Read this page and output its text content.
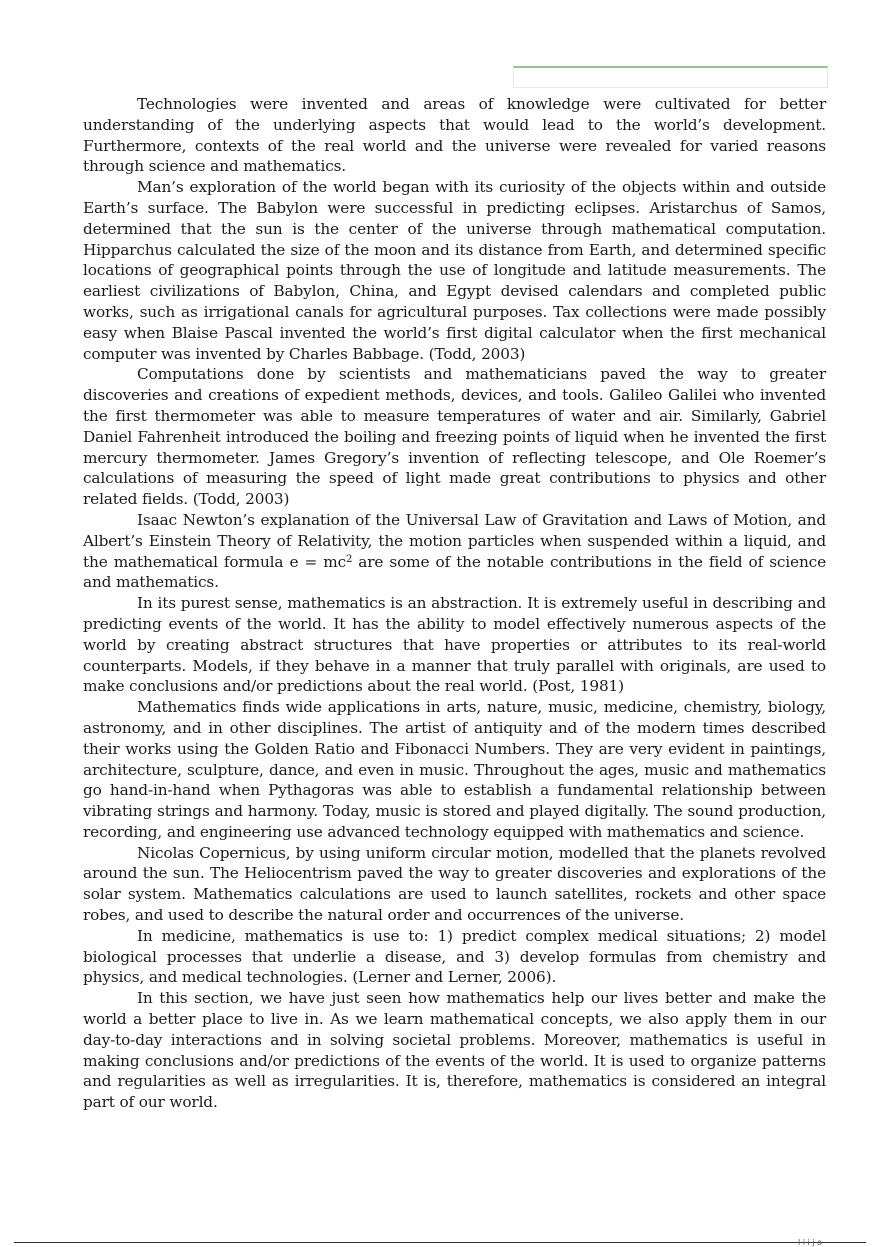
Technologies were invented and areas of knowledge were cultivated for better understanding of the underlying aspects that would lead to the world’s development. Furthermore, contexts of the real world and the universe were revealed for varied reasons through science and mathematics.

Man’s exploration of the world began with its curiosity of the objects within and outside Earth’s surface. The Babylon were successful in predicting eclipses. Aristarchus of Samos, determined that the sun is the center of the universe through mathematical computation. Hipparchus calculated the size of the moon and its distance from Earth, and determined specific locations of geographical points through the use of longitude and latitude measurements. The earliest civilizations of Babylon, China, and Egypt devised calendars and completed public works, such as irrigational canals for agricultural purposes. Tax collections were made possibly easy when Blaise Pascal invented the world’s first digital calculator when the first mechanical computer was invented by Charles Babbage. (Todd, 2003)

Computations done by scientists and mathematicians paved the way to greater discoveries and creations of expedient methods, devices, and tools. Galileo Galilei who invented the first thermometer was able to measure temperatures of water and air. Similarly, Gabriel Daniel Fahrenheit introduced the boiling and freezing points of liquid when he invented the first mercury thermometer. James Gregory’s invention of reflecting telescope, and Ole Roemer’s calculations of measuring the speed of light made great contributions to physics and other related fields. (Todd, 2003)

Isaac Newton’s explanation of the Universal Law of Gravitation and Laws of Motion, and Albert’s Einstein Theory of Relativity, the motion particles when suspended within a liquid, and the mathematical formula $e = mc^2$ are some of the notable contributions in the field of science and mathematics.

In its purest sense, mathematics is an abstraction. It is extremely useful in describing and predicting events of the world. It has the ability to model effectively numerous aspects of the world by creating abstract structures that have properties or attributes to its real-world counterparts. Models, if they behave in a manner that truly parallel with originals, are used to make conclusions and/or predictions about the real world. (Post, 1981)

Mathematics finds wide applications in arts, nature, music, medicine, chemistry, biology, astronomy, and in other disciplines. The artist of antiquity and of the modern times described their works using the Golden Ratio and Fibonacci Numbers. They are very evident in paintings, architecture, sculpture, dance, and even in music. Throughout the ages, music and mathematics go hand-in-hand when Pythagoras was able to establish a fundamental relationship between vibrating strings and harmony. Today, music is stored and played digitally. The sound production, recording, and engineering use advanced technology equipped with mathematics and science.

Nicolas Copernicus, by using uniform circular motion, modelled that the planets revolved around the sun. The Heliocentrism paved the way to greater discoveries and explorations of the solar system. Mathematics calculations are used to launch satellites, rockets and other space robes, and used to describe the natural order and occurrences of the universe.

In medicine, mathematics is use to: 1) predict complex medical situations; 2) model biological processes that underlie a disease, and 3) develop formulas from chemistry and physics, and medical technologies. (Lerner and Lerner, 2006).

In this section, we have just seen how mathematics help our lives better and make the world a better place to live in. As we learn mathematical concepts, we also apply them in our day-to-day interactions and in solving societal problems. Moreover, mathematics is useful in making conclusions and/or predictions of the events of the world. It is used to organize patterns and regularities as well as irregularities. It is, therefore, mathematics is considered an integral part of our world.

l i i j o
